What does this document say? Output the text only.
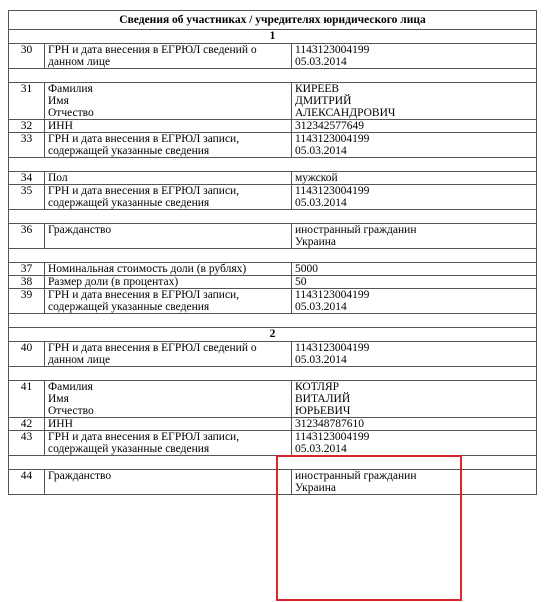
Сведения об участниках / учредителях юридического лица		
1		
30	ГРН и дата внесения в ЕГРЮЛ сведений о
данном лице	1143123004199
05.03.2014

31	Фамилия
Имя
Отчество	КИРЕЕВ
ДМИТРИЙ
АЛЕКСАНДРОВИЧ

32	ИНН	312342577649

33	ГРН и дата внесения в ЕГРЮЛ записи,
содержащей указанные сведения	1143123004199
05.03.2014

34	Пол	мужской

35	ГРН и дата внесения в ЕГРЮЛ записи,
содержащей указанные сведения	1143123004199
05.03.2014

36	Гражданство	иностранный гражданин
Украина

37	Номинальная стоимость доли (в рублях)	5000

38	Размер доли (в процентах)	50

39	ГРН и дата внесения в ЕГРЮЛ записи,
содержащей указанные сведения	1143123004199
05.03.2014

2		
40	ГРН и дата внесения в ЕГРЮЛ сведений о
данном лице	1143123004199
05.03.2014

41	Фамилия
Имя
Отчество	КОТЛЯР
ВИТАЛИЙ
ЮРЬЕВИЧ

42	ИНН	312348787610

43	ГРН и дата внесения в ЕГРЮЛ записи,
содержащей указанные сведения	1143123004199
05.03.2014

44	Гражданство	иностранный гражданин
Украина
